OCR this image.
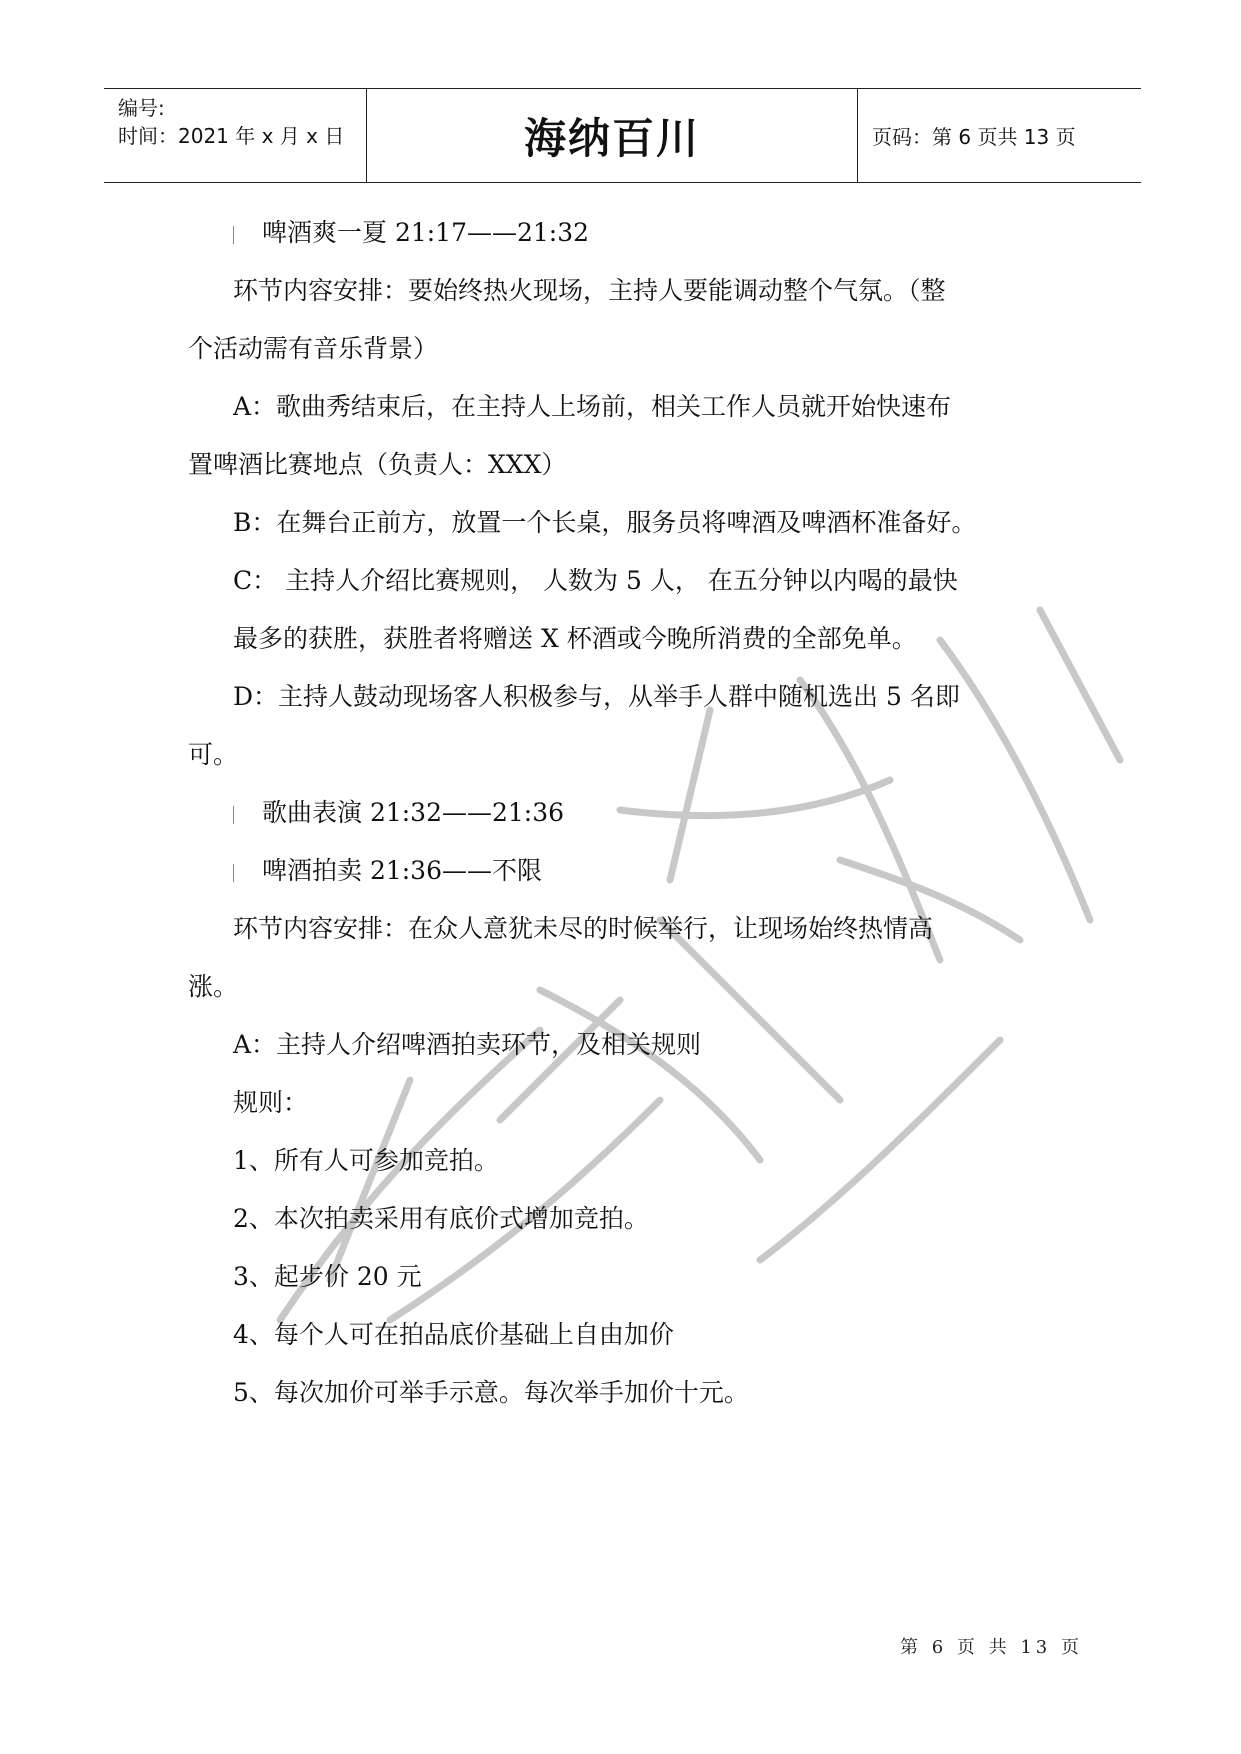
编号:
时间：2021 年 x 月 x 日	海纳百川	页码：第 6 页共 13 页
啤酒爽一夏 21:17——21:32
环节内容安排：要始终热火现场，主持人要能调动整个气氛。（整
个活动需有音乐背景）
A：歌曲秀结束后，在主持人上场前，相关工作人员就开始快速布
置啤酒比赛地点（负责人：XXX）
B：在舞台正前方，放置一个长桌，服务员将啤酒及啤酒杯准备好。
C： 主持人介绍比赛规则， 人数为 5 人， 在五分钟以内喝的最快
最多的获胜，获胜者将赠送 X 杯酒或今晚所消费的全部免单。
D：主持人鼓动现场客人积极参与，从举手人群中随机选出 5 名即
可。
歌曲表演 21:32——21:36
啤酒拍卖 21:36——不限
环节内容安排：在众人意犹未尽的时候举行，让现场始终热情高
涨。
A：主持人介绍啤酒拍卖环节，及相关规则
规则：
1、所有人可参加竞拍。
2、本次拍卖采用有底价式增加竞拍。
3、起步价 20 元
4、每个人可在拍品底价基础上自由加价
5、每次加价可举手示意。每次举手加价十元。
第 6 页 共 13 页
